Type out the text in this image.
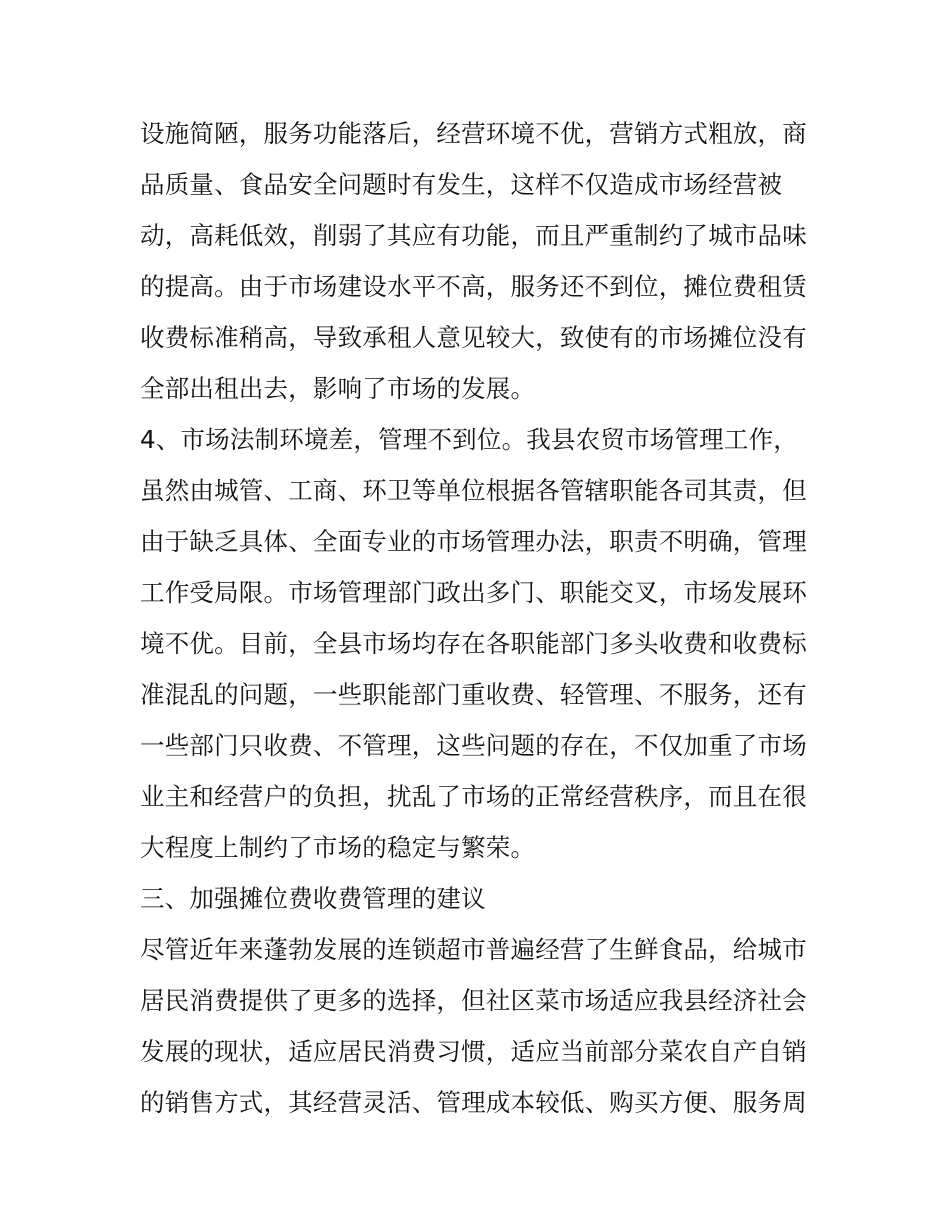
设施简陋，服务功能落后，经营环境不优，营销方式粗放，商
品质量、食品安全问题时有发生，这样不仅造成市场经营被
动，高耗低效，削弱了其应有功能，而且严重制约了城市品味
的提高。由于市场建设水平不高，服务还不到位，摊位费租赁
收费标准稍高，导致承租人意见较大，致使有的市场摊位没有
全部出租出去，影响了市场的发展。
4、市场法制环境差，管理不到位。我县农贸市场管理工作，
虽然由城管、工商、环卫等单位根据各管辖职能各司其责，但
由于缺乏具体、全面专业的市场管理办法，职责不明确，管理
工作受局限。市场管理部门政出多门、职能交叉，市场发展环
境不优。目前，全县市场均存在各职能部门多头收费和收费标
准混乱的问题，一些职能部门重收费、轻管理、不服务，还有
一些部门只收费、不管理，这些问题的存在，不仅加重了市场
业主和经营户的负担，扰乱了市场的正常经营秩序，而且在很
大程度上制约了市场的稳定与繁荣。
三、加强摊位费收费管理的建议
尽管近年来蓬勃发展的连锁超市普遍经营了生鲜食品，给城市
居民消费提供了更多的选择，但社区菜市场适应我县经济社会
发展的现状，适应居民消费习惯，适应当前部分菜农自产自销
的销售方式，其经营灵活、管理成本较低、购买方便、服务周
